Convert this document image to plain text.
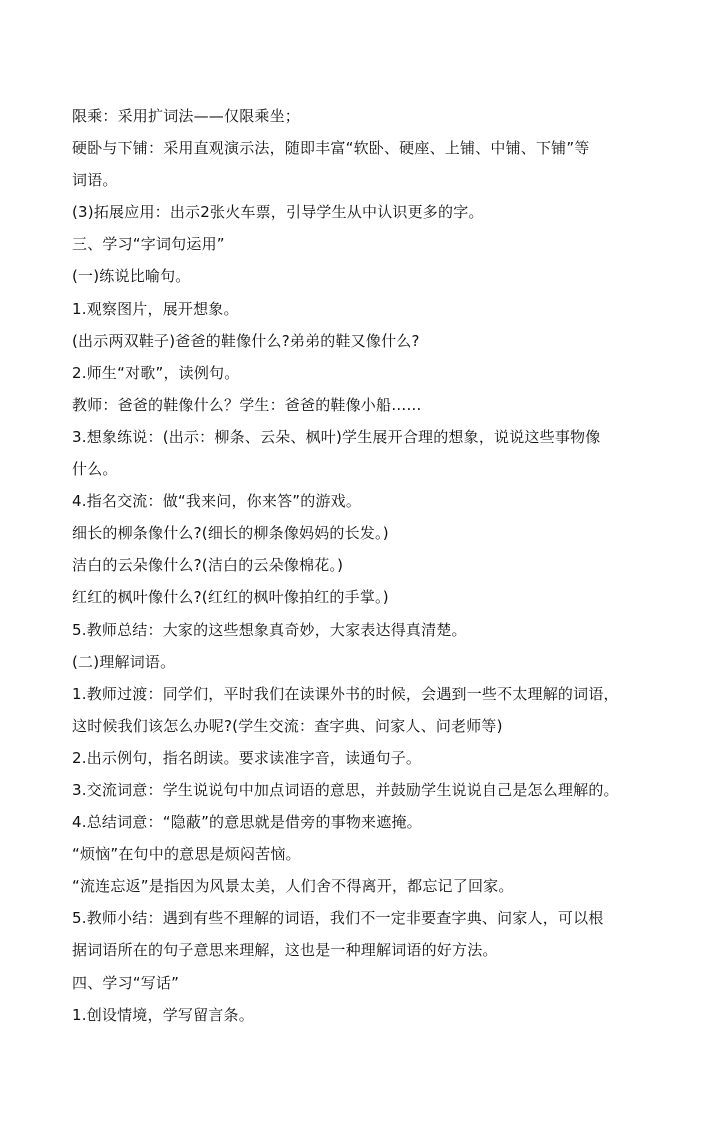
限乘：采用扩词法——仅限乘坐；
硬卧与下铺：采用直观演示法，随即丰富“软卧、硬座、上铺、中铺、下铺”等
词语。
(3)拓展应用：出示2张火车票，引导学生从中认识更多的字。
三、学习“字词句运用”
(一)练说比喻句。
1.观察图片，展开想象。
(出示两双鞋子)爸爸的鞋像什么?弟弟的鞋又像什么?
2.师生“对歌”，读例句。
教师：爸爸的鞋像什么？学生：爸爸的鞋像小船……
3.想象练说：(出示：柳条、云朵、枫叶)学生展开合理的想象，说说这些事物像
什么。
4.指名交流：做“我来问，你来答”的游戏。
细长的柳条像什么?(细长的柳条像妈妈的长发。)
洁白的云朵像什么?(洁白的云朵像棉花。)
红红的枫叶像什么?(红红的枫叶像拍红的手掌。)
5.教师总结：大家的这些想象真奇妙，大家表达得真清楚。
(二)理解词语。
1.教师过渡：同学们，平时我们在读课外书的时候，会遇到一些不太理解的词语，
这时候我们该怎么办呢?(学生交流：查字典、问家人、问老师等)
2.出示例句，指名朗读。要求读准字音，读通句子。
3.交流词意：学生说说句中加点词语的意思，并鼓励学生说说自己是怎么理解的。
4.总结词意：“隐蔽”的意思就是借旁的事物来遮掩。
“烦恼”在句中的意思是烦闷苦恼。
“流连忘返”是指因为风景太美，人们舍不得离开，都忘记了回家。
5.教师小结：遇到有些不理解的词语，我们不一定非要查字典、问家人，可以根
据词语所在的句子意思来理解，这也是一种理解词语的好方法。
四、学习“写话”
1.创设情境，学写留言条。
